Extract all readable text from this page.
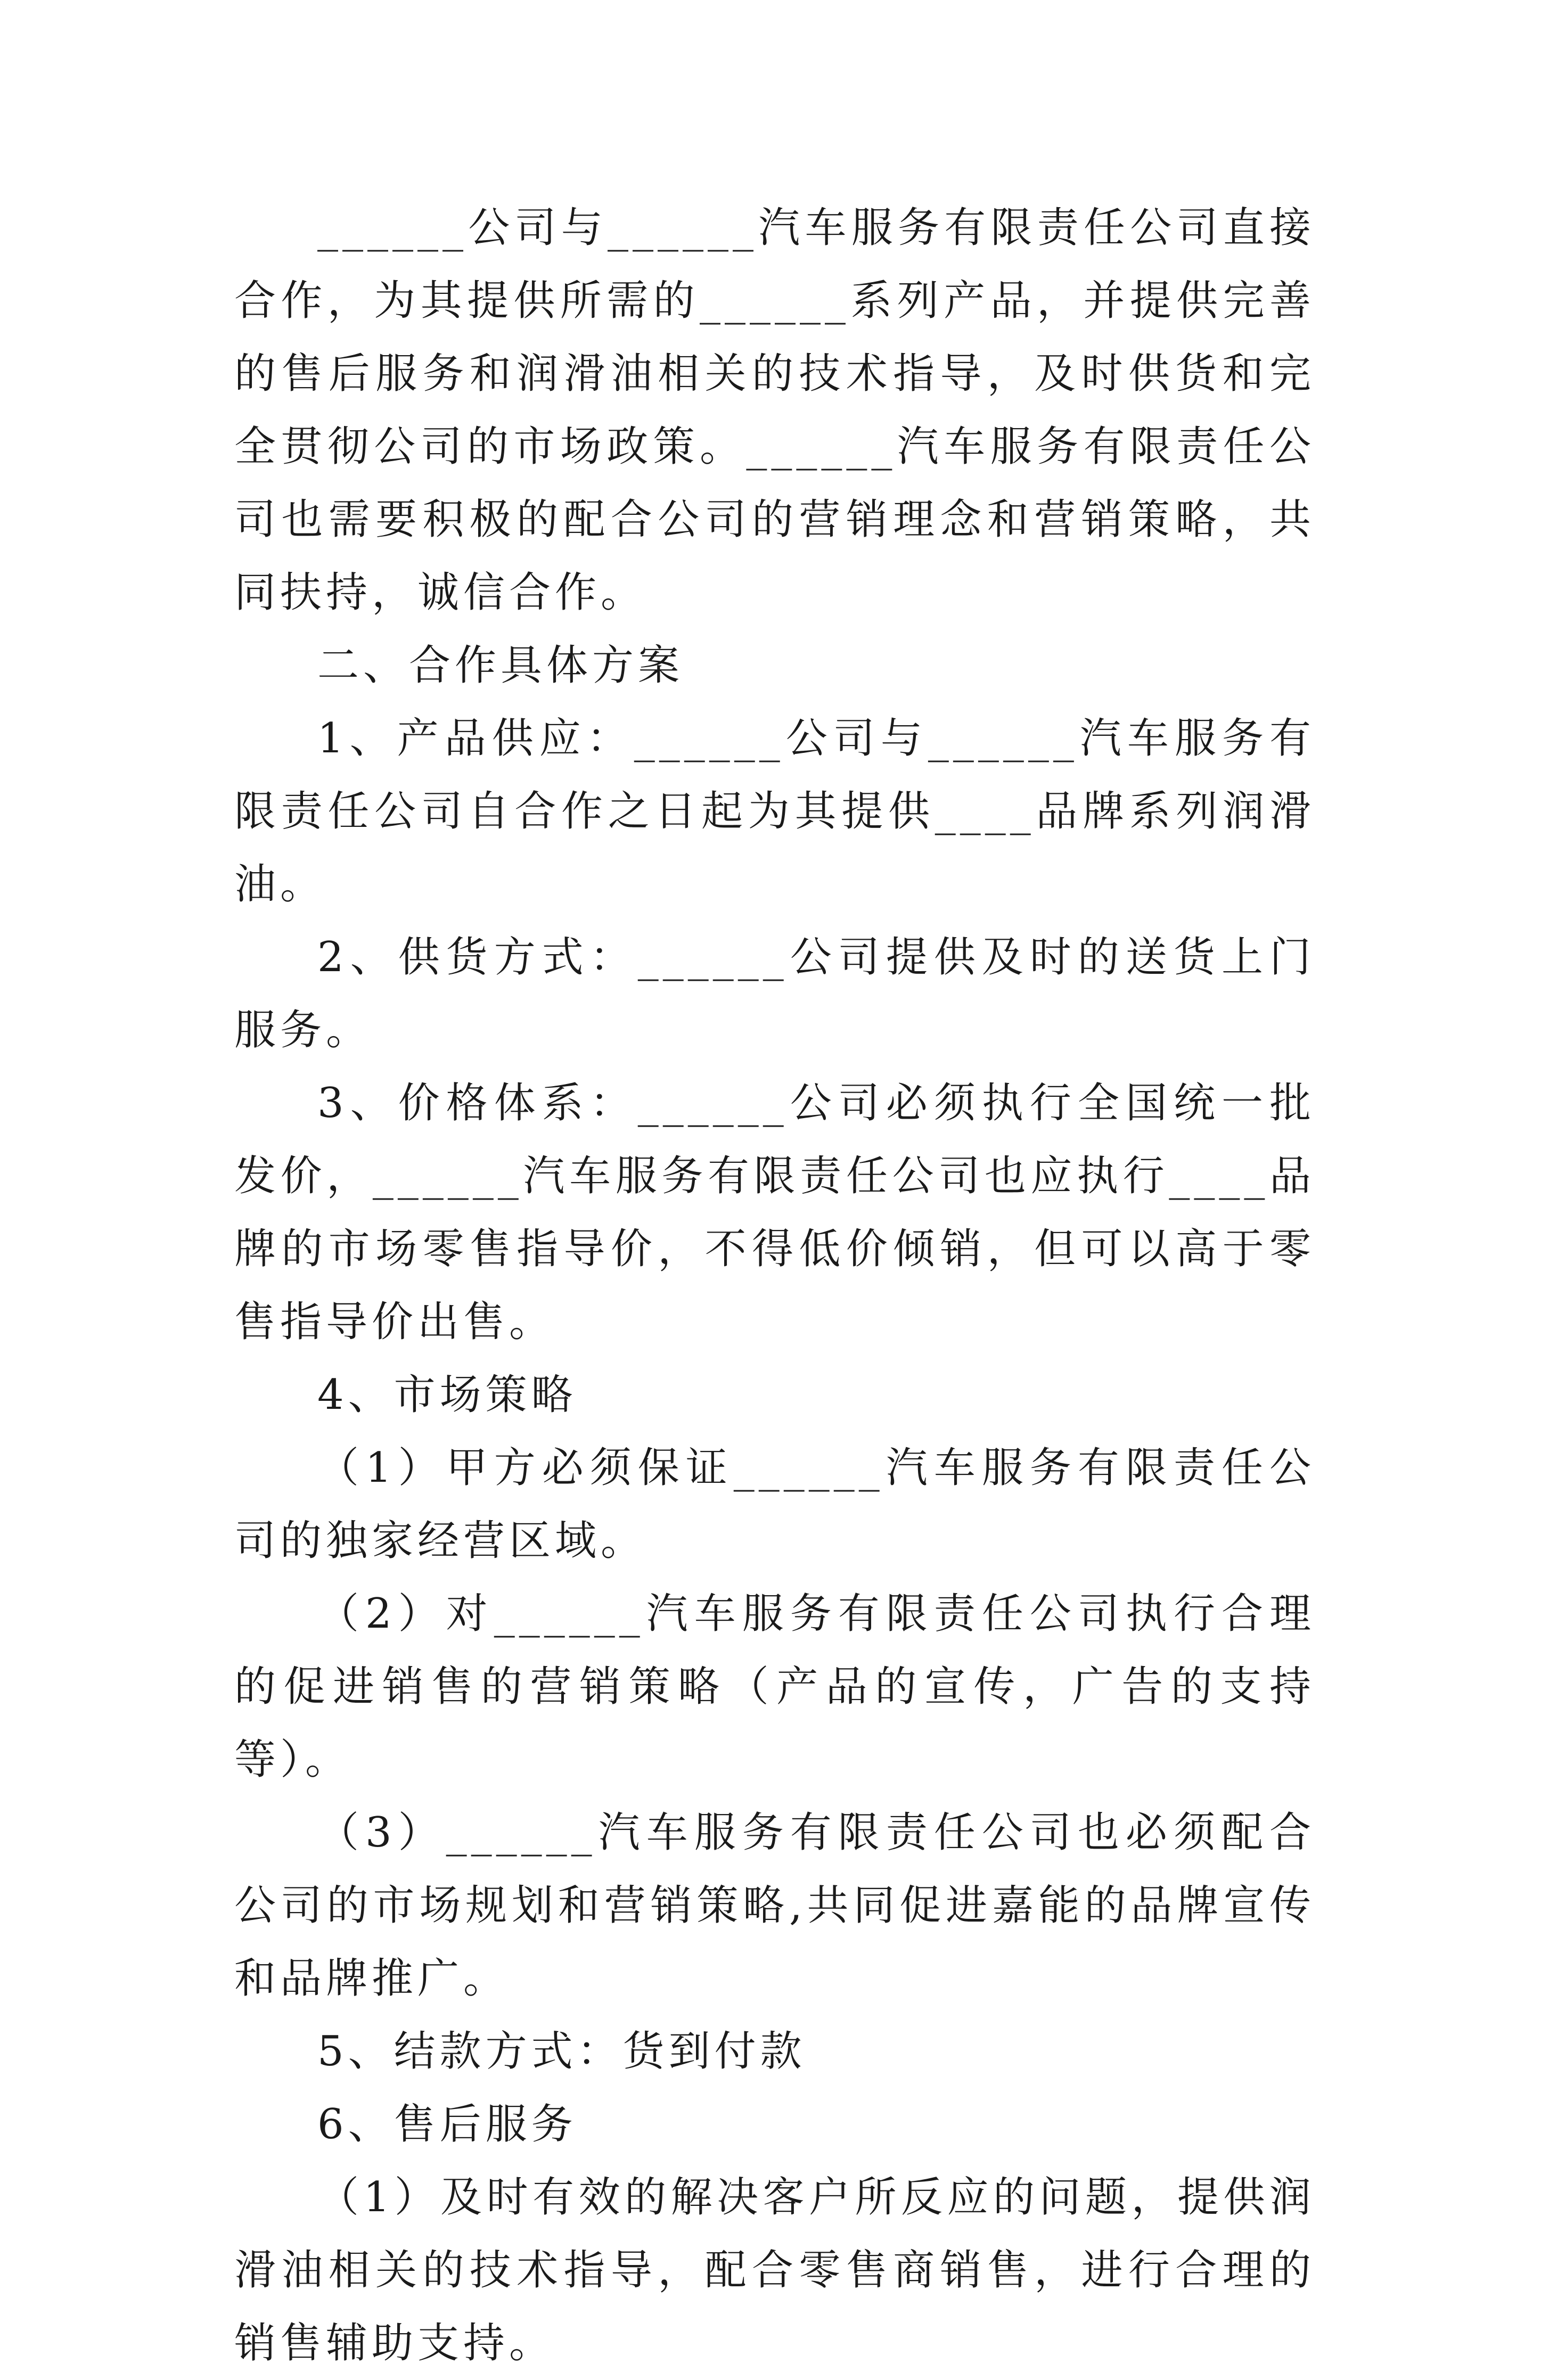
______公司与______汽车服务有限责任公司直接合作，为其提供所需的______系列产品，并提供完善的售后服务和润滑油相关的技术指导，及时供货和完全贯彻公司的市场政策。______汽车服务有限责任公司也需要积极的配合公司的营销理念和营销策略，共同扶持，诚信合作。

二、合作具体方案

1、产品供应：______公司与______汽车服务有限责任公司自合作之日起为其提供____品牌系列润滑油。

2、供货方式：______公司提供及时的送货上门服务。

3、价格体系：______公司必须执行全国统一批发价，______汽车服务有限责任公司也应执行____品牌的市场零售指导价，不得低价倾销，但可以高于零售指导价出售。

4、市场策略

（1）甲方必须保证______汽车服务有限责任公司的独家经营区域。

（2）对______汽车服务有限责任公司执行合理的促进销售的营销策略（产品的宣传，广告的支持等）。

（3）______汽车服务有限责任公司也必须配合公司的市场规划和营销策略,共同促进嘉能的品牌宣传和品牌推广。

5、结款方式：货到付款

6、售后服务

（1）及时有效的解决客户所反应的问题，提供润滑油相关的技术指导，配合零售商销售，进行合理的销售辅助支持。
